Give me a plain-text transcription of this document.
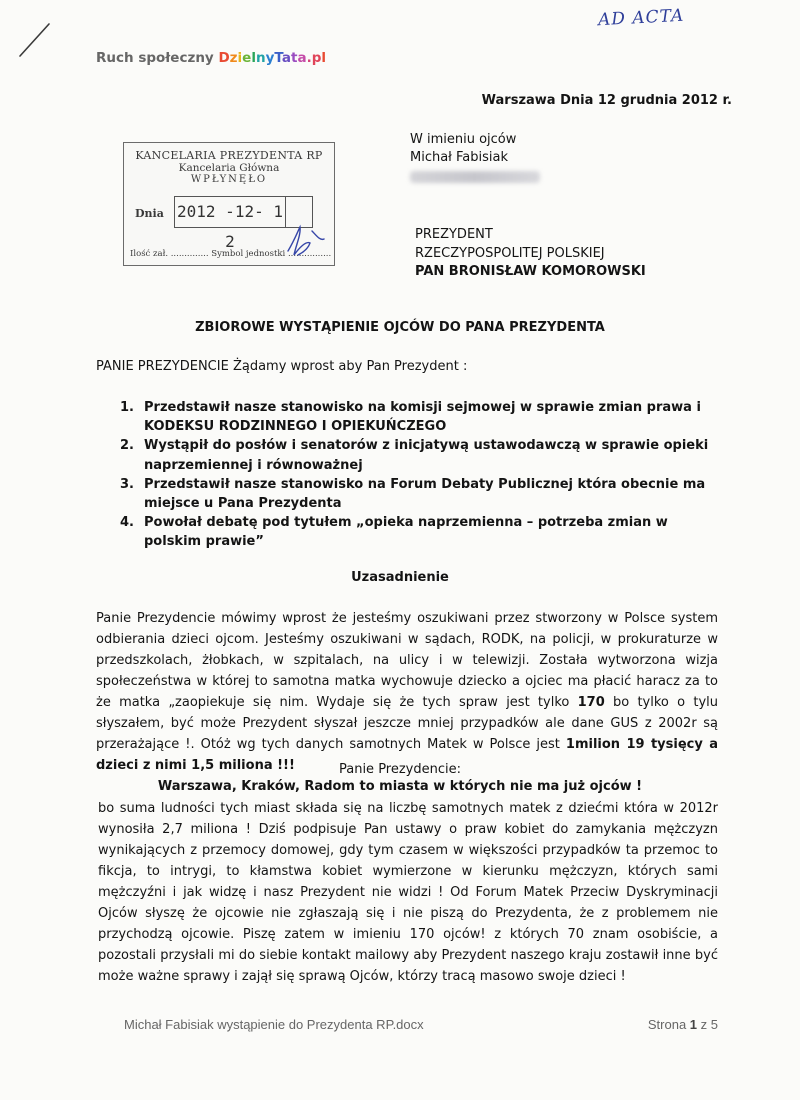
AD ACTA
Ruch społeczny DzielnyTata.pl
Warszawa Dnia 12 grudnia 2012 r.
KANCELARIA PREZYDENTA RP
Kancelaria Główna
WPŁYNĘŁO
Dnia 2012 -12- 1 2
Ilość zał. .............. Symbol jednostki ................
W imieniu ojców
Michał Fabisiak
PREZYDENT
RZECZYPOSPOLITEJ POLSKIEJ
PAN BRONISŁAW KOMOROWSKI
ZBIOROWE WYSTĄPIENIE OJCÓW DO PANA PREZYDENTA
PANIE PREZYDENCIE Żądamy wprost aby Pan Prezydent :
1. Przedstawił nasze stanowisko na komisji sejmowej w sprawie zmian prawa i KODEKSU RODZINNEGO I OPIEKUŃCZEGO
2. Wystąpił do posłów i senatorów z inicjatywą ustawodawczą w sprawie opieki naprzemiennej i równoważnej
3. Przedstawił nasze stanowisko na Forum Debaty Publicznej która obecnie ma miejsce u Pana Prezydenta
4. Powołał debatę pod tytułem „opieka naprzemienna – potrzeba zmian w polskim prawie”
Uzasadnienie
Panie Prezydencie mówimy wprost że jesteśmy oszukiwani przez stworzony w Polsce system odbierania dzieci ojcom. Jesteśmy oszukiwani w sądach, RODK, na policji, w prokuraturze w przedszkolach, żłobkach, w szpitalach, na ulicy i w telewizji. Została wytworzona wizja społeczeństwa w której to samotna matka wychowuje dziecko a ojciec ma płacić haracz za to że matka „zaopiekuje się nim. Wydaje się że tych spraw jest tylko 170 bo tylko o tylu słyszałem, być może Prezydent słyszał jeszcze mniej przypadków ale dane GUS z 2002r są przerażające !. Otóż wg tych danych samotnych Matek w Polsce jest 1milion 19 tysięcy a dzieci z nimi 1,5 miliona !!!	Panie Prezydencie:
Warszawa, Kraków, Radom to miasta w których nie ma już ojców !
bo suma ludności tych miast składa się na liczbę samotnych matek z dziećmi która w 2012r wynosiła 2,7 miliona ! Dziś podpisuje Pan ustawy o praw kobiet do zamykania mężczyzn wynikających z przemocy domowej, gdy tym czasem w większości przypadków ta przemoc to fikcja, to intrygi, to kłamstwa kobiet wymierzone w kierunku mężczyzn, których sami mężczyźni i jak widzę i nasz Prezydent nie widzi ! Od Forum Matek Przeciw Dyskryminacji Ojców słyszę że ojcowie nie zgłaszają się i nie piszą do Prezydenta, że z problemem nie przychodzą ojcowie. Piszę zatem w imieniu 170 ojców! z których 70 znam osobiście, a pozostali przysłali mi do siebie kontakt mailowy aby Prezydent naszego kraju zostawił inne być może ważne sprawy i zajął się sprawą Ojców, którzy tracą masowo swoje dzieci !
Michał Fabisiak wystąpienie do Prezydenta RP.docx	Strona 1 z 5
